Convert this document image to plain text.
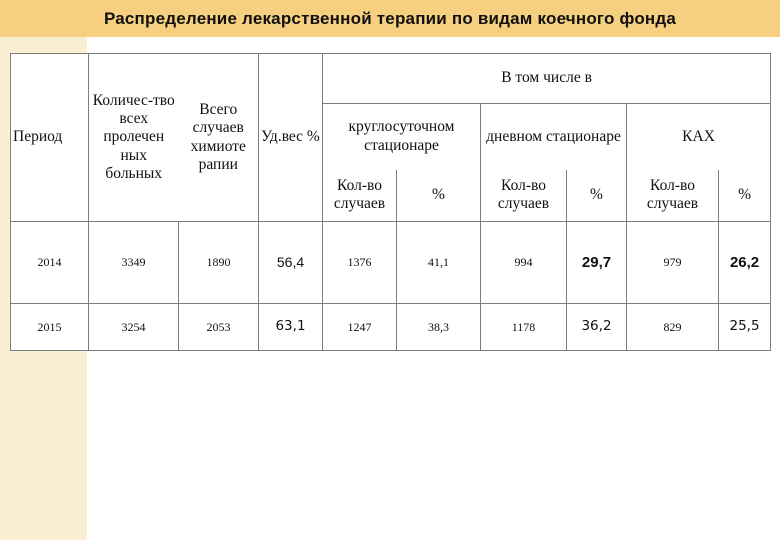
Распределение лекарственной терапии по видам коечного фонда
Период	Количес-тво всех пролечен ных больных	Всего случаев химиоте рапии	Уд.вес %	В том числе в					
				круглосуточном стационаре		дневном стационаре		КАХ	
				Кол-во случаев	%	Кол-во случаев	%	Кол-во случаев	%
2014	3349	1890	56,4	1376	41,1	994	29,7	979	26,2
2015	3254	2053	63,1	1247	38,3	1178	36,2	829	25,5
